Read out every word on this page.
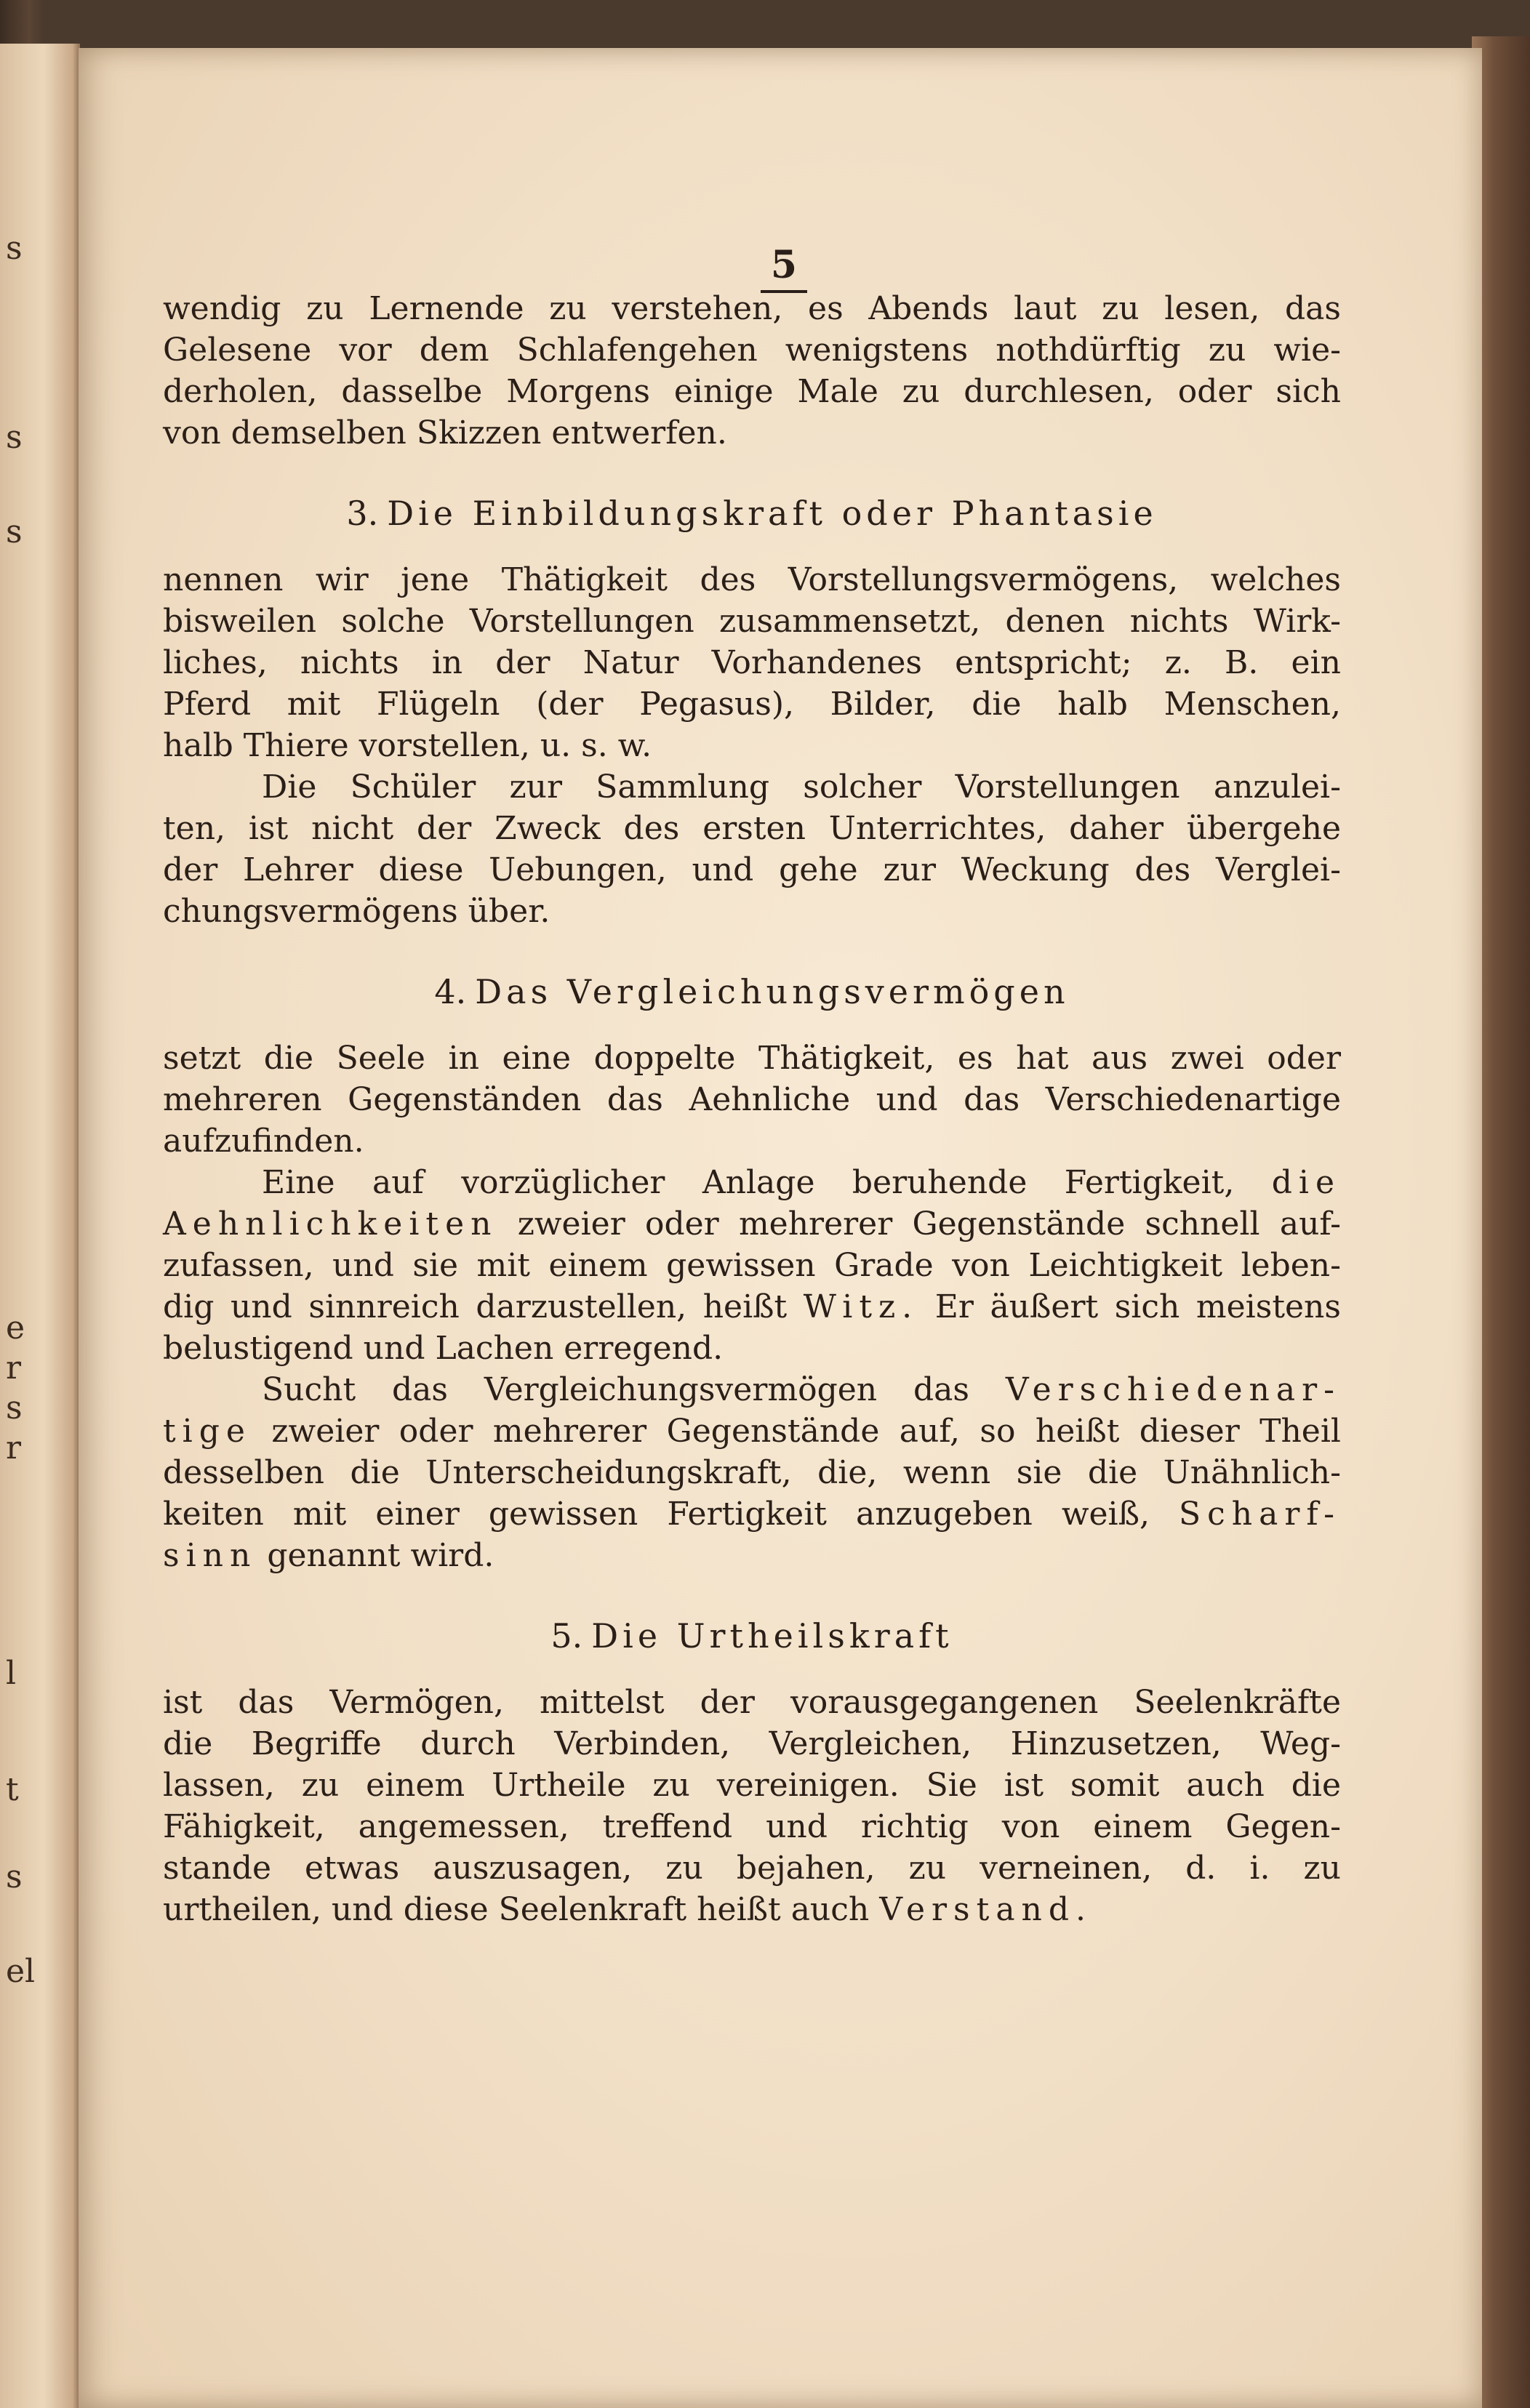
s
s
s
e
r
s
r
l
t
s
el
5
wendig zu Lernende zu verstehen, es Abends laut zu lesen, das
Gelesene vor dem Schlafengehen wenigstens nothdürftig zu wie-
derholen, dasselbe Morgens einige Male zu durchlesen, oder sich
von demselben Skizzen entwerfen.
3. Die Einbildungskraft oder Phantasie
nennen wir jene Thätigkeit des Vorstellungsvermögens, welches
bisweilen solche Vorstellungen zusammensetzt, denen nichts Wirk-
liches, nichts in der Natur Vorhandenes entspricht; z. B. ein
Pferd mit Flügeln (der Pegasus), Bilder, die halb Menschen,
halb Thiere vorstellen, u. s. w.
Die Schüler zur Sammlung solcher Vorstellungen anzulei-
ten, ist nicht der Zweck des ersten Unterrichtes, daher übergehe
der Lehrer diese Uebungen, und gehe zur Weckung des Verglei-
chungsvermögens über.
4. Das Vergleichungsvermögen
setzt die Seele in eine doppelte Thätigkeit, es hat aus zwei oder
mehreren Gegenständen das Aehnliche und das Verschiedenartige
aufzufinden.
Eine auf vorzüglicher Anlage beruhende Fertigkeit, die
Aehnlichkeiten zweier oder mehrerer Gegenstände schnell auf-
zufassen, und sie mit einem gewissen Grade von Leichtigkeit leben-
dig und sinnreich darzustellen, heißt Witz. Er äußert sich meistens
belustigend und Lachen erregend.
Sucht das Vergleichungsvermögen das Verschiedenar-
tige zweier oder mehrerer Gegenstände auf, so heißt dieser Theil
desselben die Unterscheidungskraft, die, wenn sie die Unähnlich-
keiten mit einer gewissen Fertigkeit anzugeben weiß, Scharf-
sinn genannt wird.
5. Die Urtheilskraft
ist das Vermögen, mittelst der vorausgegangenen Seelenkräfte
die Begriffe durch Verbinden, Vergleichen, Hinzusetzen, Weg-
lassen, zu einem Urtheile zu vereinigen. Sie ist somit auch die
Fähigkeit, angemessen, treffend und richtig von einem Gegen-
stande etwas auszusagen, zu bejahen, zu verneinen, d. i. zu
urtheilen, und diese Seelenkraft heißt auch Verstand.
